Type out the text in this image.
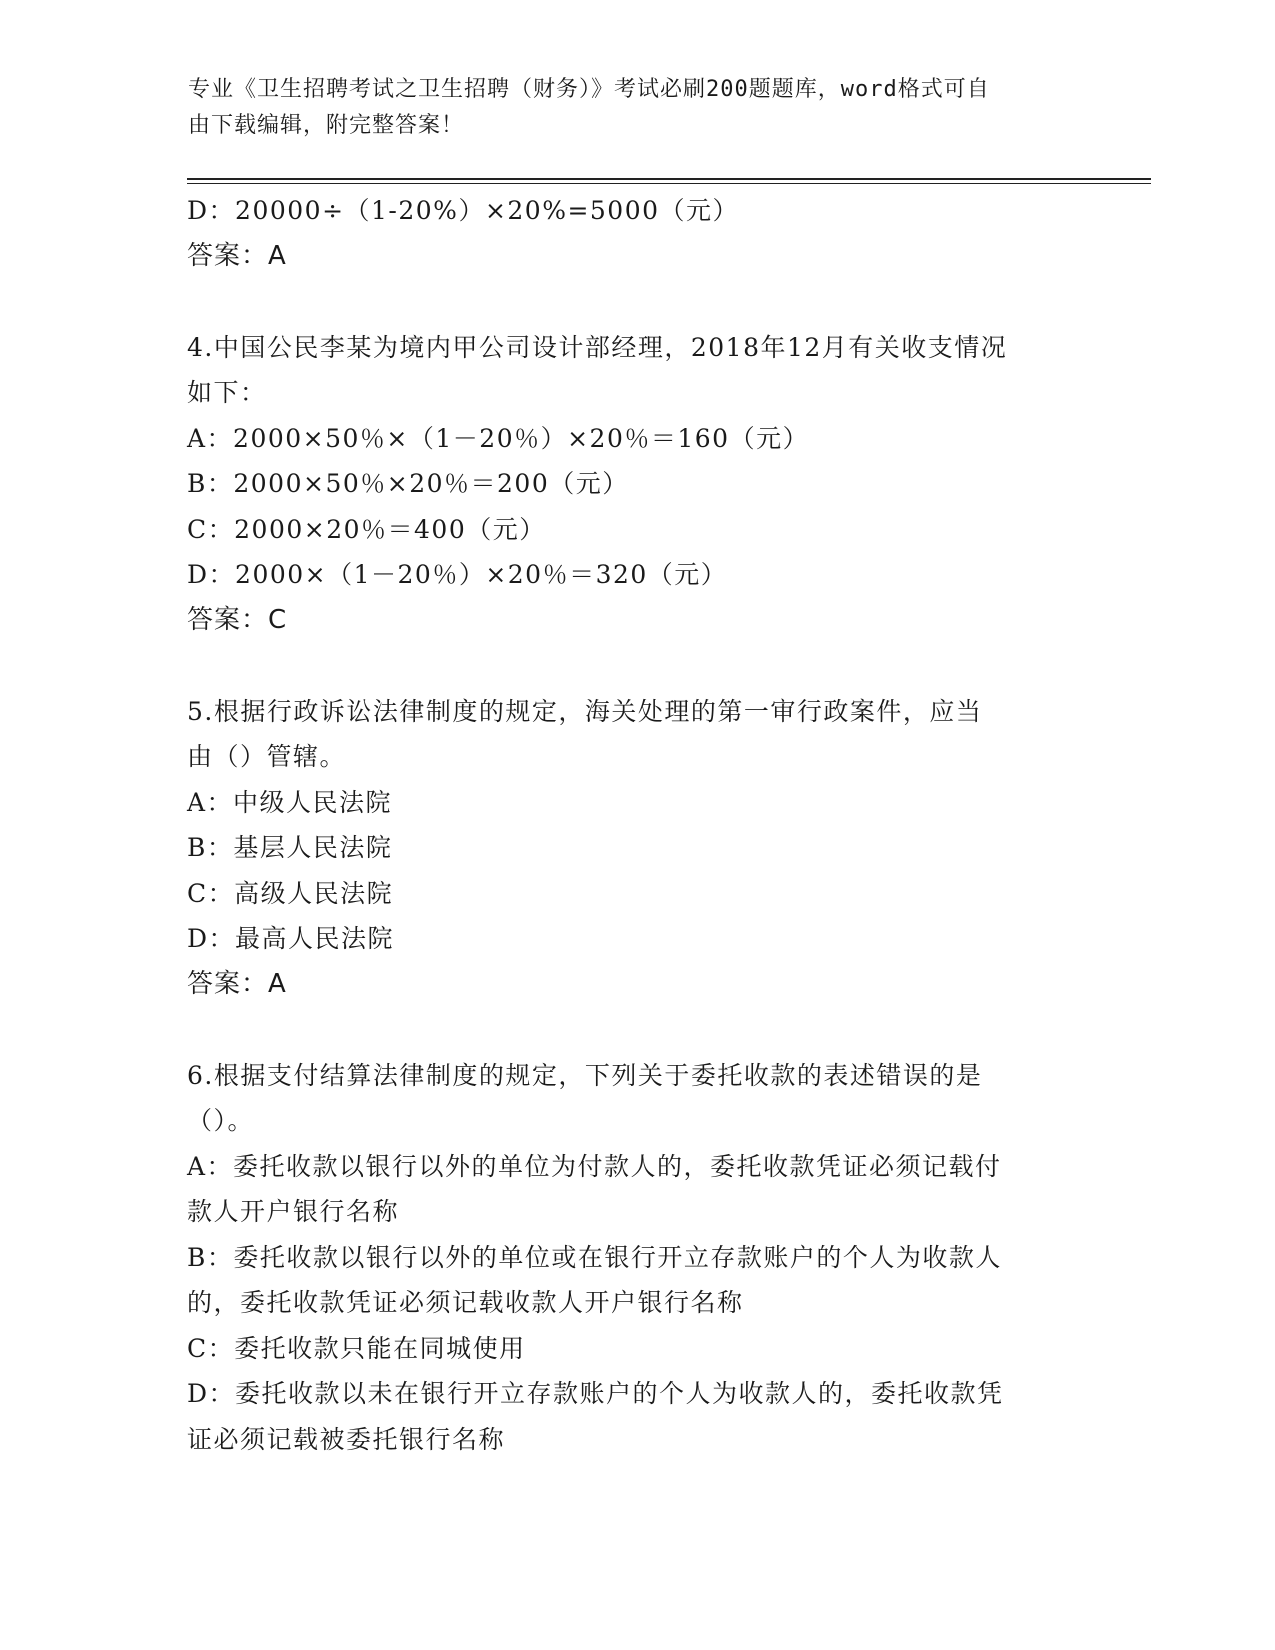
专业《卫生招聘考试之卫生招聘（财务）》考试必刷200题题库，word格式可自
由下载编辑，附完整答案！
D：20000÷（1-20%）×20%=5000（元）
答案：A
4.中国公民李某为境内甲公司设计部经理，2018年12月有关收支情况
如下：
A：2000×50％×（1－20％）×20％＝160（元）
B：2000×50％×20％＝200（元）
C：2000×20％＝400（元）
D：2000×（1－20％）×20％＝320（元）
答案：C
5.根据行政诉讼法律制度的规定，海关处理的第一审行政案件，应当
由（）管辖。
A：中级人民法院
B：基层人民法院
C：高级人民法院
D：最高人民法院
答案：A
6.根据支付结算法律制度的规定，下列关于委托收款的表述错误的是
（）。
A：委托收款以银行以外的单位为付款人的，委托收款凭证必须记载付
款人开户银行名称
B：委托收款以银行以外的单位或在银行开立存款账户的个人为收款人
的，委托收款凭证必须记载收款人开户银行名称
C：委托收款只能在同城使用
D：委托收款以未在银行开立存款账户的个人为收款人的，委托收款凭
证必须记载被委托银行名称
